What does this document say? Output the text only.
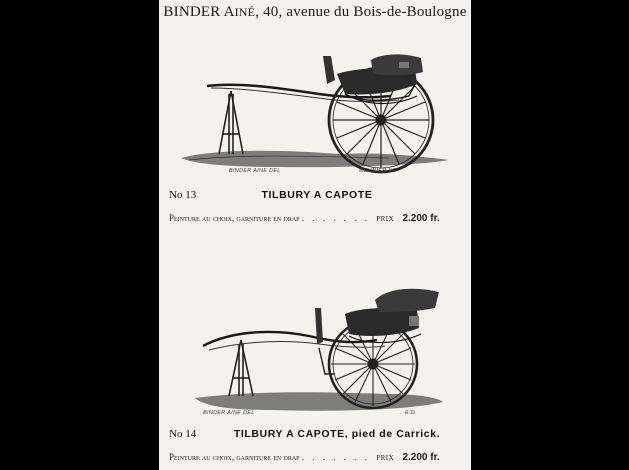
BINDER AINÉ, 40, avenue du Bois-de-Boulogne
BINDER AINE DEL	MEUNIER SC
No 13	TILBURY A CAPOTE
Peinture au choix, garniture en drap . . . . . . . PRIX 2.200 fr.
BINDER AINE DEL	E.D.
No 14	TILBURY A CAPOTE, pied de Carrick.
Peinture au choix, garniture en drap . . . . . . . PRIX 2.200 fr.
